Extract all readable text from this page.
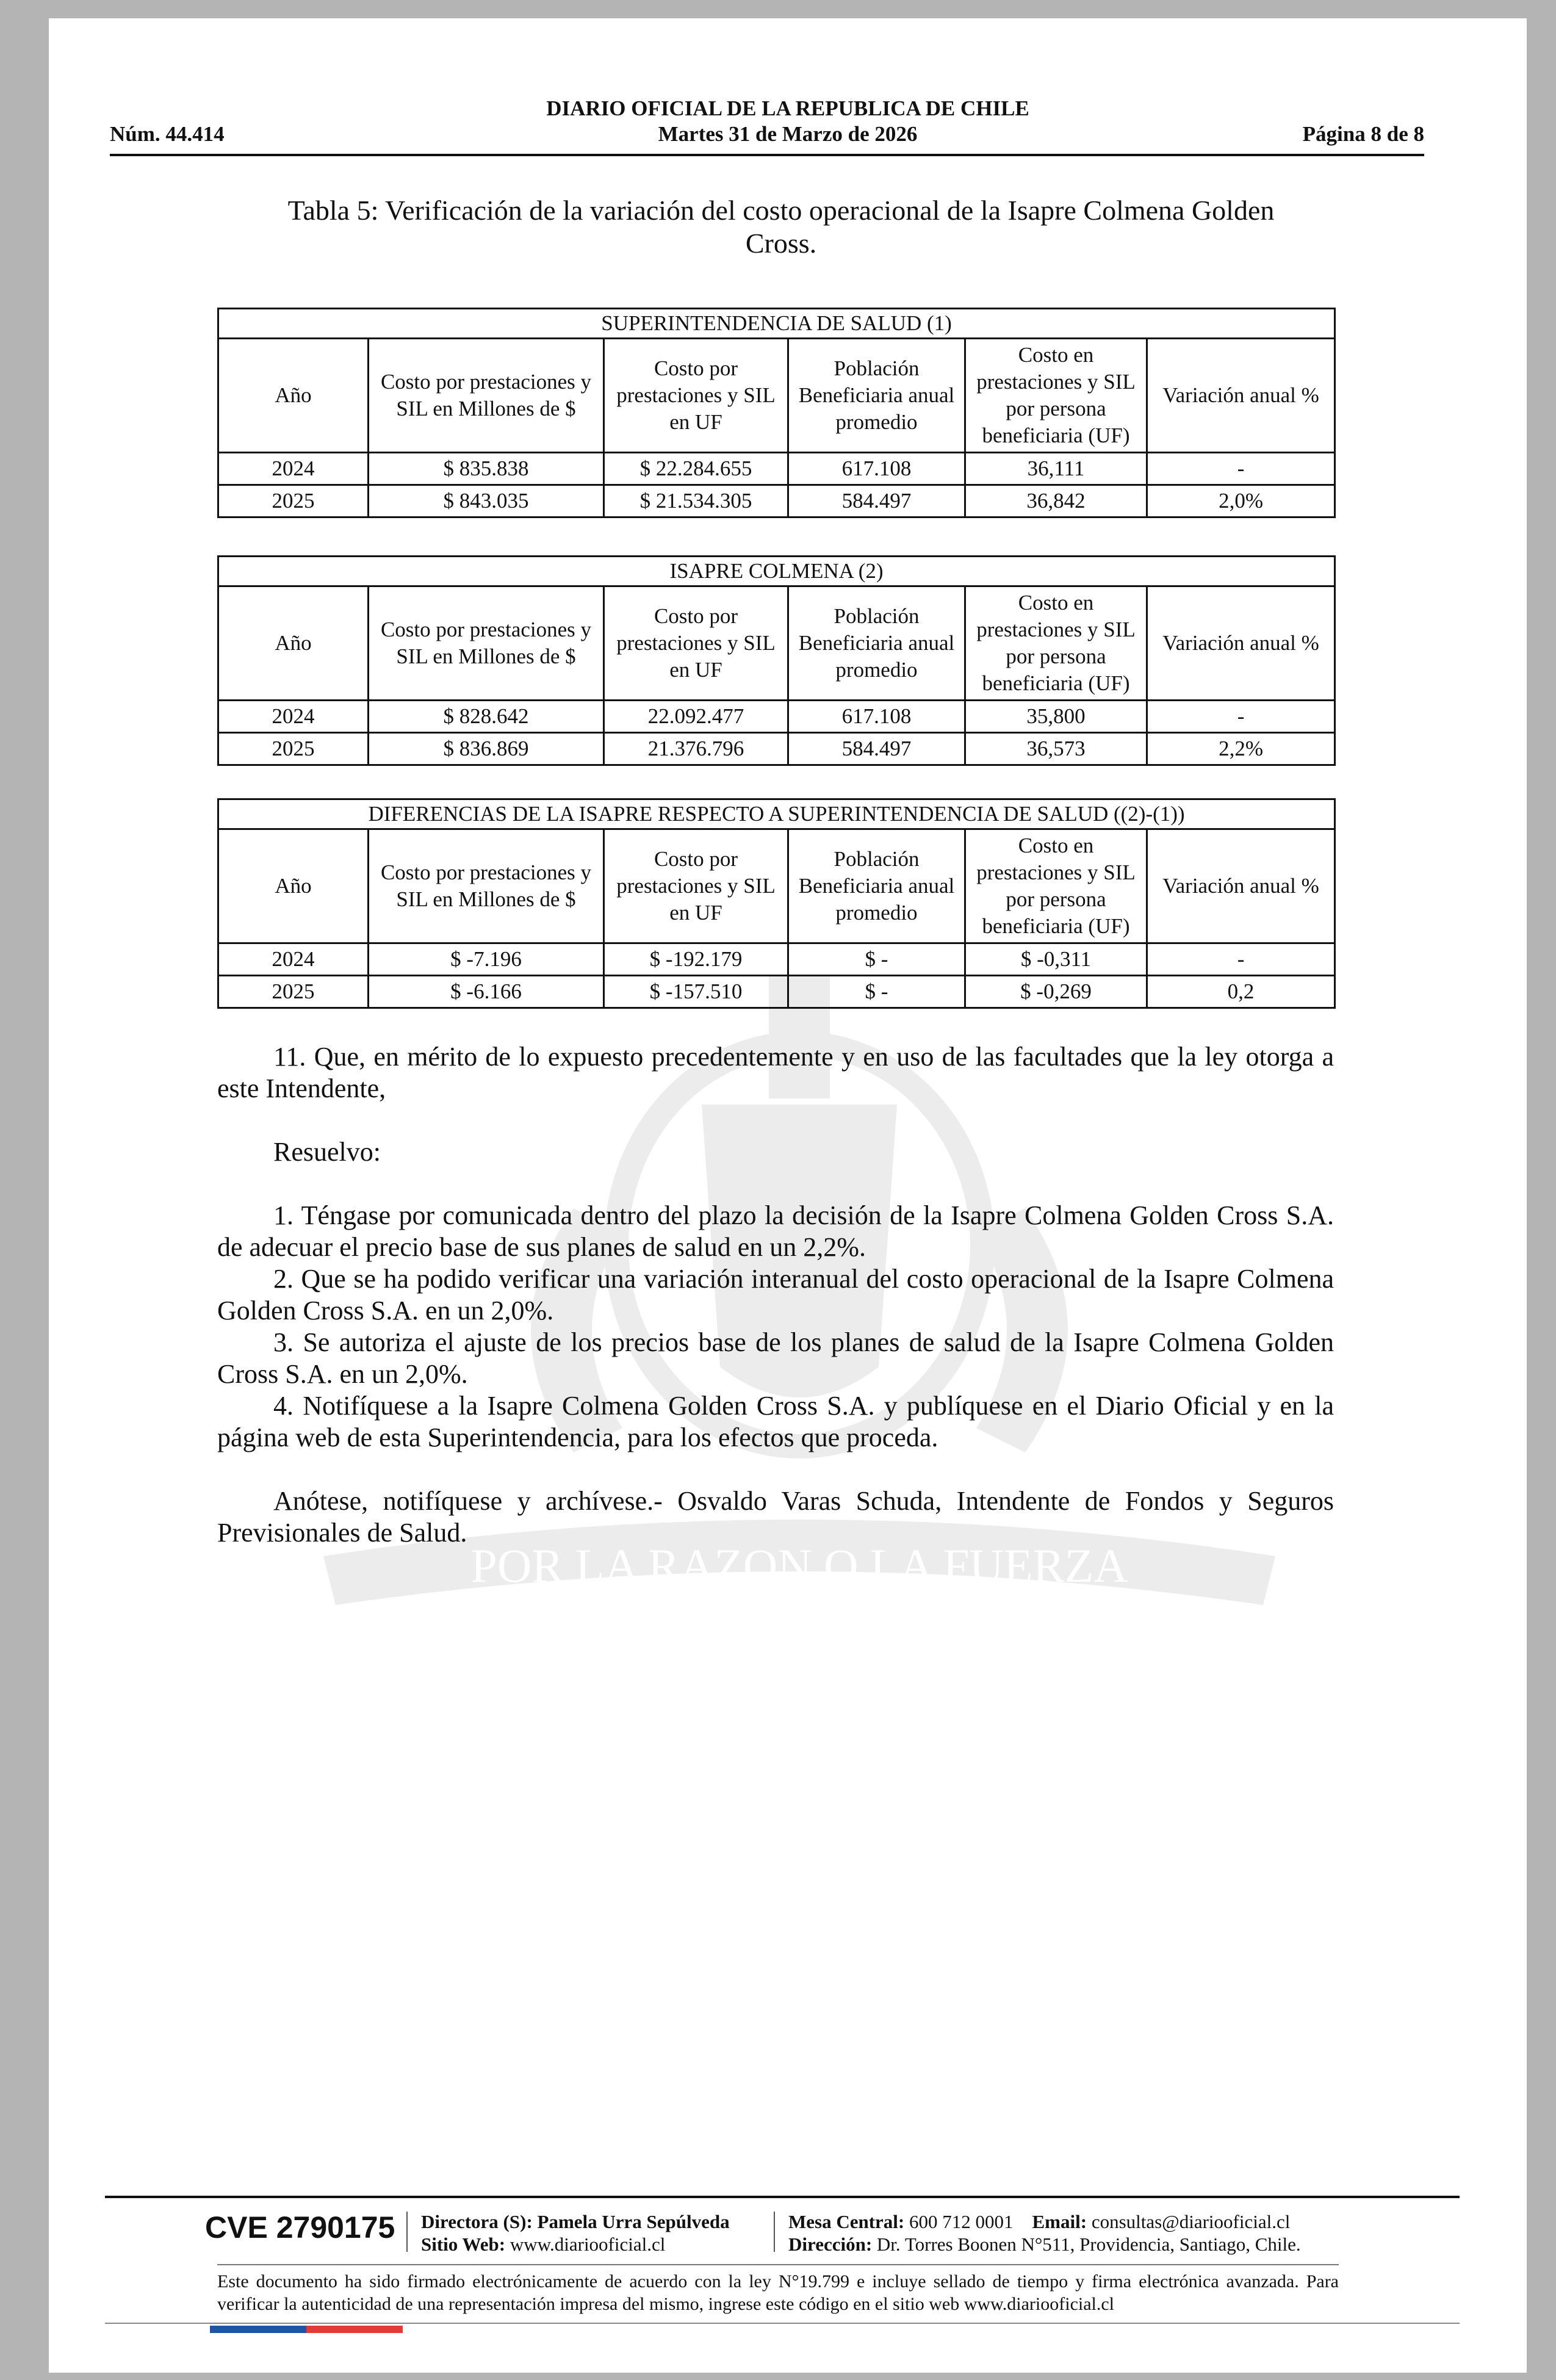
POR LA RAZON O LA FUERZA
DIARIO OFICIAL DE LA REPUBLICA DE CHILE
Núm. 44.414	Martes 31 de Marzo de 2026	Página 8 de 8
Tabla 5: Verificación de la variación del costo operacional de la Isapre Colmena Golden Cross.
SUPERINTENDENCIA DE SALUD (1)					
Año	Costo por prestaciones y SIL en Millones de $	Costo por prestaciones y SIL en UF	Población Beneficiaria anual promedio	Costo en prestaciones y SIL por persona beneficiaria (UF)	Variación anual %
2024	$ 835.838	$ 22.284.655	617.108	36,111	-
2025	$ 843.035	$ 21.534.305	584.497	36,842	2,0%
ISAPRE COLMENA (2)					
Año	Costo por prestaciones y SIL en Millones de $	Costo por prestaciones y SIL en UF	Población Beneficiaria anual promedio	Costo en prestaciones y SIL por persona beneficiaria (UF)	Variación anual %
2024	$ 828.642	22.092.477	617.108	35,800	-
2025	$ 836.869	21.376.796	584.497	36,573	2,2%
DIFERENCIAS DE LA ISAPRE RESPECTO A SUPERINTENDENCIA DE SALUD ((2)-(1))					
Año	Costo por prestaciones y SIL en Millones de $	Costo por prestaciones y SIL en UF	Población Beneficiaria anual promedio	Costo en prestaciones y SIL por persona beneficiaria (UF)	Variación anual %
2024	$ -7.196	$ -192.179	$ -	$ -0,311	-
2025	$ -6.166	$ -157.510	$ -	$ -0,269	0,2

11. Que, en mérito de lo expuesto precedentemente y en uso de las facultades que la ley otorga a este Intendente,

Resuelvo:

1. Téngase por comunicada dentro del plazo la decisión de la Isapre Colmena Golden Cross S.A. de adecuar el precio base de sus planes de salud en un 2,2%.

2. Que se ha podido verificar una variación interanual del costo operacional de la Isapre Colmena Golden Cross S.A. en un 2,0%.

3. Se autoriza el ajuste de los precios base de los planes de salud de la Isapre Colmena Golden Cross S.A. en un 2,0%.

4. Notifíquese a la Isapre Colmena Golden Cross S.A. y publíquese en el Diario Oficial y en la página web de esta Superintendencia, para los efectos que proceda.

Anótese, notifíquese y archívese.- Osvaldo Varas Schuda, Intendente de Fondos y Seguros Previsionales de Salud.

CVE 2790175 Directora (S): Pamela Urra Sepúlveda
Sitio Web: www.diariooficial.cl
Mesa Central: 600 712 0001 Email: consultas@diariooficial.cl
Dirección: Dr. Torres Boonen N°511, Providencia, Santiago, Chile.
Este documento ha sido firmado electrónicamente de acuerdo con la ley N°19.799 e incluye sellado de tiempo y firma electrónica avanzada. Para verificar la autenticidad de una representación impresa del mismo, ingrese este código en el sitio web www.diariooficial.cl
